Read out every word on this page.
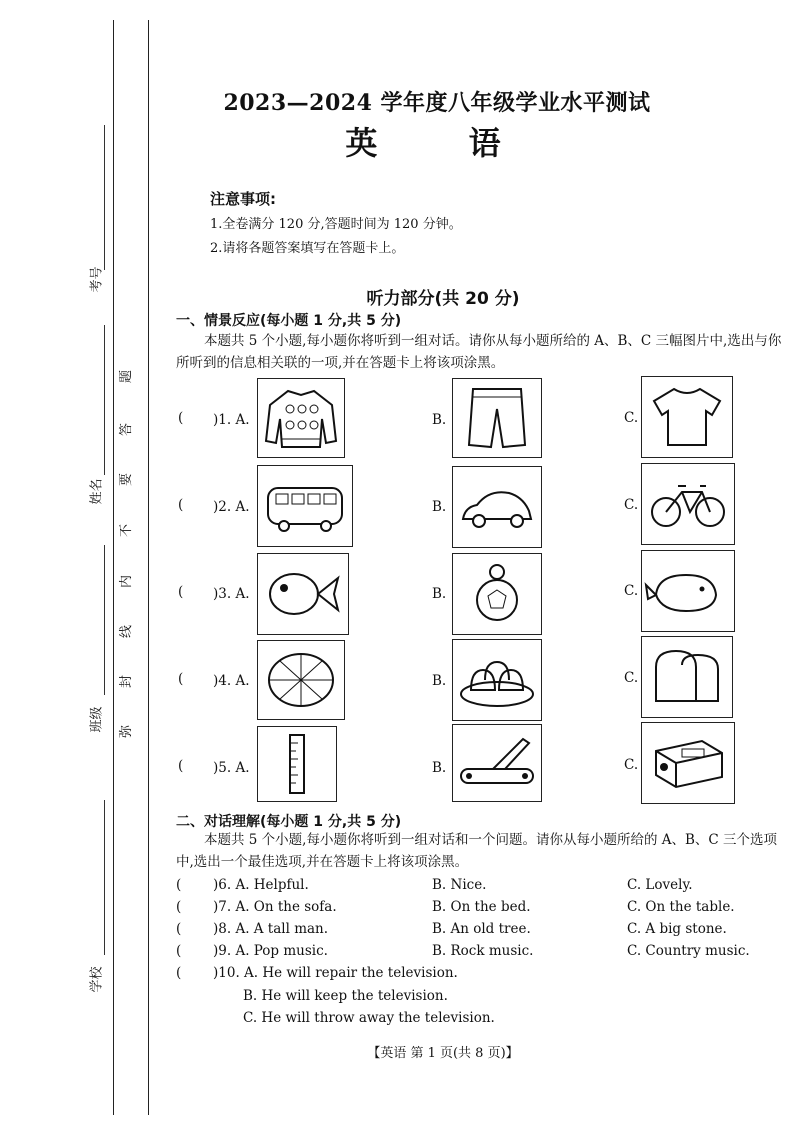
考号
姓名
班级
学校
题
答
要
不
内
线
封
弥
2023—2024 学年度八年级学业水平测试
英 语
注意事项:
1.全卷满分 120 分,答题时间为 120 分钟。
2.请将各题答案填写在答题卡上。
听力部分(共 20 分)
一、情景反应(每小题 1 分,共 5 分)
本题共 5 个小题,每小题你将听到一组对话。请你从每小题所给的 A、B、C 三幅图片中,选出与你所听到的信息相关联的一项,并在答题卡上将该项涂黑。
( )1. A.	B.	C.
( )2. A.	B.	C.
( )3. A.	B.	C.
( )4. A.	B.	C.
( )5. A.	B.	C.
二、对话理解(每小题 1 分,共 5 分)
本题共 5 个小题,每小题你将听到一组对话和一个问题。请你从每小题所给的 A、B、C 三个选项中,选出一个最佳选项,并在答题卡上将该项涂黑。
( )6. A. Helpful.	B. Nice.	C. Lovely.
( )7. A. On the sofa.	B. On the bed.	C. On the table.
( )8. A. A tall man.	B. An old tree.	C. A big stone.
( )9. A. Pop music.	B. Rock music.	C. Country music.
( )10. A. He will repair the television.
B. He will keep the television.
C. He will throw away the television.
【英语 第 1 页(共 8 页)】
